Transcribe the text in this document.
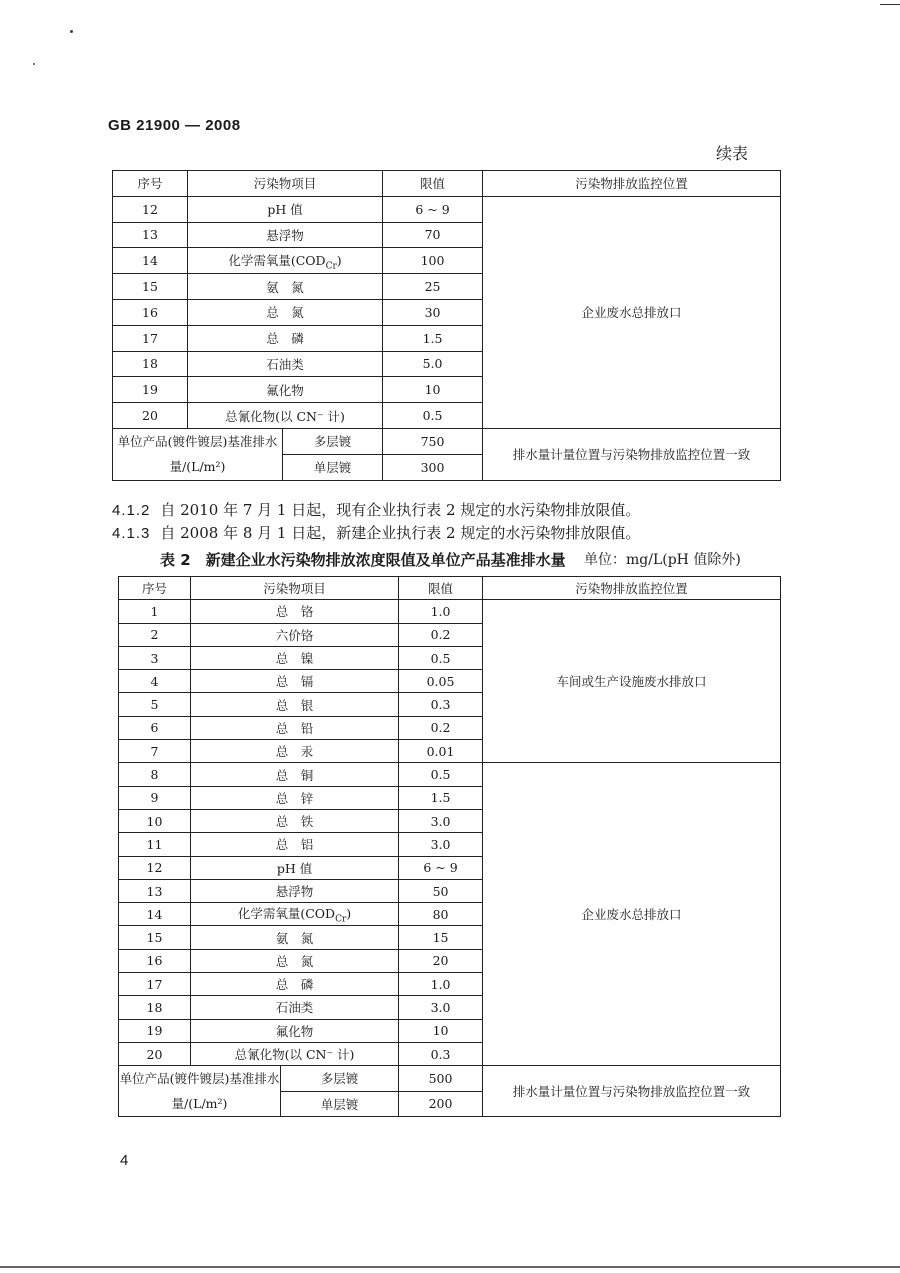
GB 21900 — 2008
续表
序号	污染物项目		限值	污染物排放监控位置
12	pH 值		6 ~ 9	企业废水总排放口
13	悬浮物		70	
14	化学需氧量$(COD_{Cr})$		100	
15	氨　氮		25	
16	总　氮		30	
17	总　磷		1.5	
18	石油类		5.0	
19	氟化物		10	
20	总氰化物(以 CN⁻ 计)		0.5	
单位产品(镀件镀层)基准排水量/(L/m²)		多层镀	750	排水量计量位置与污染物排放监控位置一致
		单层镀	300	
4.1.2 自 2010 年 7 月 1 日起，现有企业执行表 2 规定的水污染物排放限值。
4.1.3 自 2008 年 8 月 1 日起，新建企业执行表 2 规定的水污染物排放限值。
表 2　新建企业水污染物排放浓度限值及单位产品基准排水量 单位：mg/L(pH 值除外)
序号	污染物项目		限值	污染物排放监控位置
1	总　铬		1.0	车间或生产设施废水排放口
2	六价铬		0.2	
3	总　镍		0.5	
4	总　镉		0.05	
5	总　银		0.3	
6	总　铅		0.2	
7	总　汞		0.01	
8	总　铜		0.5	企业废水总排放口
9	总　锌		1.5	
10	总　铁		3.0	
11	总　铝		3.0	
12	pH 值		6 ~ 9	
13	悬浮物		50	
14	化学需氧量$(COD_{Cr})$		80	
15	氨　氮		15	
16	总　氮		20	
17	总　磷		1.0	
18	石油类		3.0	
19	氟化物		10	
20	总氰化物(以 CN⁻ 计)		0.3	
单位产品(镀件镀层)基准排水量/(L/m²)		多层镀	500	排水量计量位置与污染物排放监控位置一致
		单层镀	200	
4
